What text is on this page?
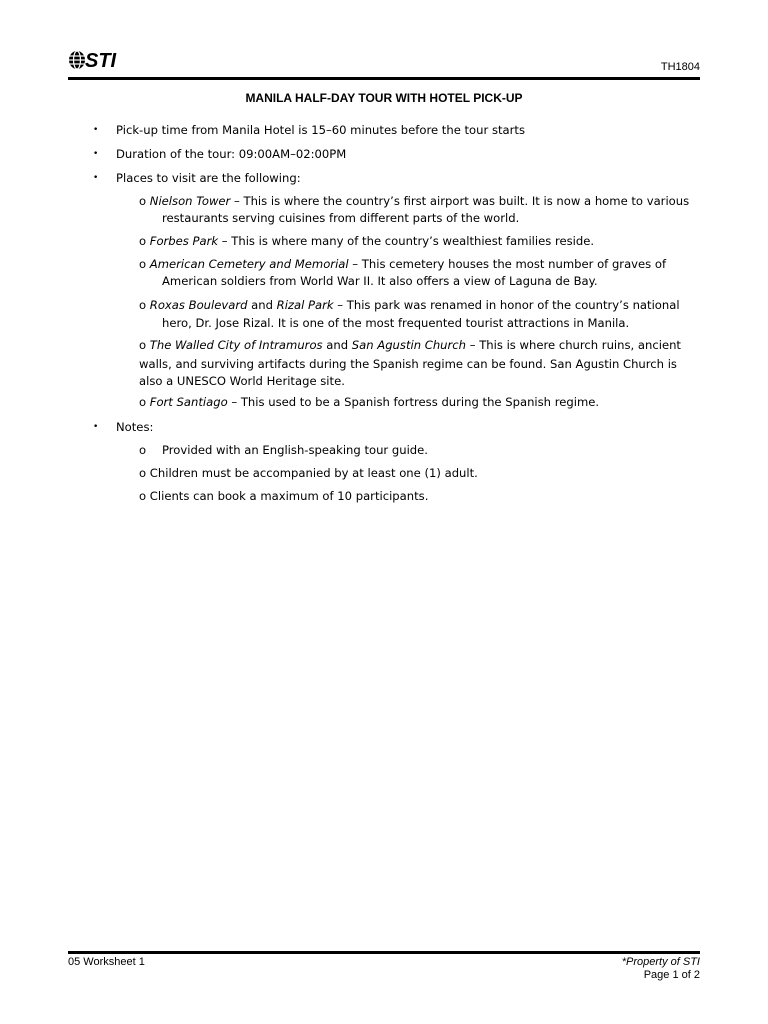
STI	TH1804
MANILA HALF-DAY TOUR WITH HOTEL PICK-UP
• Pick-up time from Manila Hotel is 15–60 minutes before the tour starts
• Duration of the tour: 09:00AM–02:00PM
• Places to visit are the following:
o Nielson Tower – This is where the country’s first airport was built. It is now a home to various
restaurants serving cuisines from different parts of the world.
o Forbes Park – This is where many of the country’s wealthiest families reside.
o American Cemetery and Memorial – This cemetery houses the most number of graves of
American soldiers from World War II. It also offers a view of Laguna de Bay.
o Roxas Boulevard and Rizal Park – This park was renamed in honor of the country’s national
hero, Dr. Jose Rizal. It is one of the most frequented tourist attractions in Manila.
o The Walled City of Intramuros and San Agustin Church – This is where church ruins, ancient
walls, and surviving artifacts during the Spanish regime can be found. San Agustin Church is
also a UNESCO World Heritage site.
o Fort Santiago – This used to be a Spanish fortress during the Spanish regime.
• Notes:
o Provided with an English-speaking tour guide.
o Children must be accompanied by at least one (1) adult.
o Clients can book a maximum of 10 participants.
05 Worksheet 1	*Property of STI
Page 1 of 2
